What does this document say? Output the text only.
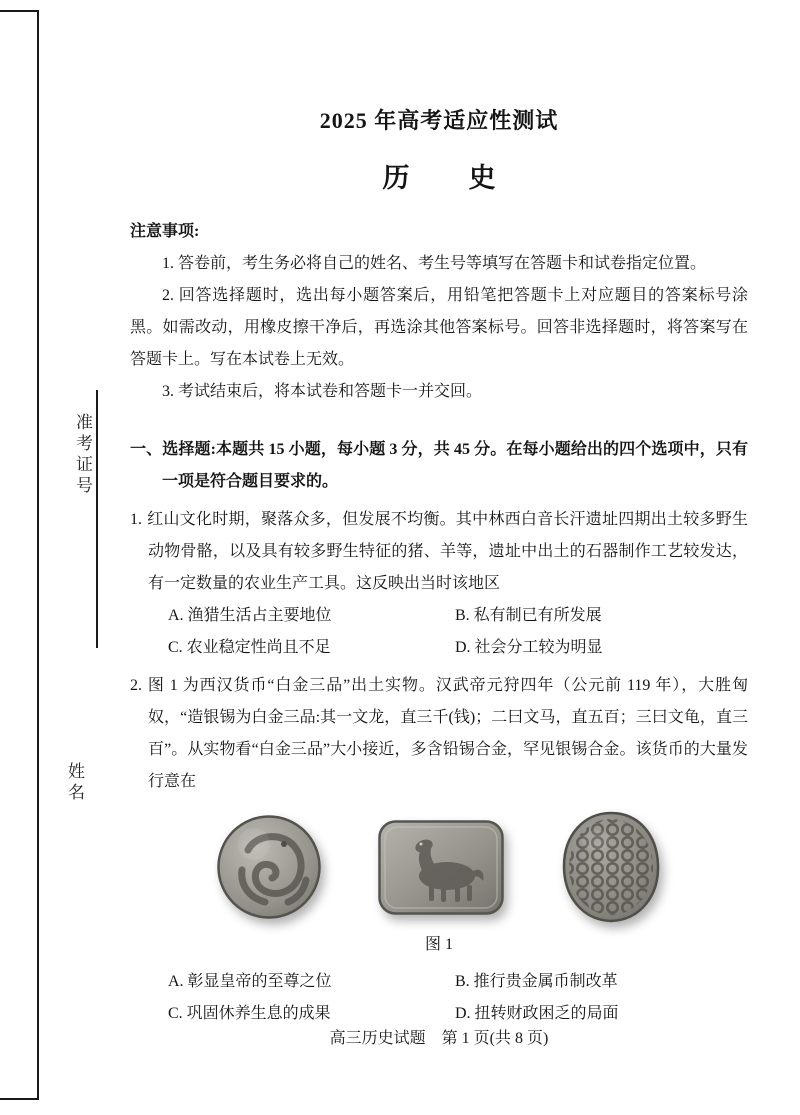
准考证号
姓名
2025 年高考适应性测试
历　史
注意事项:

1. 答卷前，考生务必将自己的姓名、考生号等填写在答题卡和试卷指定位置。

2. 回答选择题时，选出每小题答案后，用铅笔把答题卡上对应题目的答案标号涂黑。如需改动，用橡皮擦干净后，再选涂其他答案标号。回答非选择题时，将答案写在答题卡上。写在本试卷上无效。

3. 考试结束后，将本试卷和答题卡一并交回。

一、选择题:本题共 15 小题，每小题 3 分，共 45 分。在每小题给出的四个选项中，只有一项是符合题目要求的。

1. 红山文化时期，聚落众多，但发展不均衡。其中林西白音长汗遗址四期出土较多野生动物骨骼，以及具有较多野生特征的猪、羊等，遗址中出土的石器制作工艺较发达，有一定数量的农业生产工具。这反映出当时该地区

A. 渔猎生活占主要地位	B. 私有制已有所发展
C. 农业稳定性尚且不足	D. 社会分工较为明显

2. 图 1 为西汉货币“白金三品”出土实物。汉武帝元狩四年（公元前 119 年），大胜匈奴，“造银锡为白金三品:其一文龙，直三千(钱)；二曰文马，直五百；三曰文龟，直三百”。从实物看“白金三品”大小接近，多含铅锡合金，罕见银锡合金。该货币的大量发行意在

图 1
A. 彰显皇帝的至尊之位	B. 推行贵金属币制改革
C. 巩固休养生息的成果	D. 扭转财政困乏的局面
高三历史试题　第 1 页(共 8 页)
